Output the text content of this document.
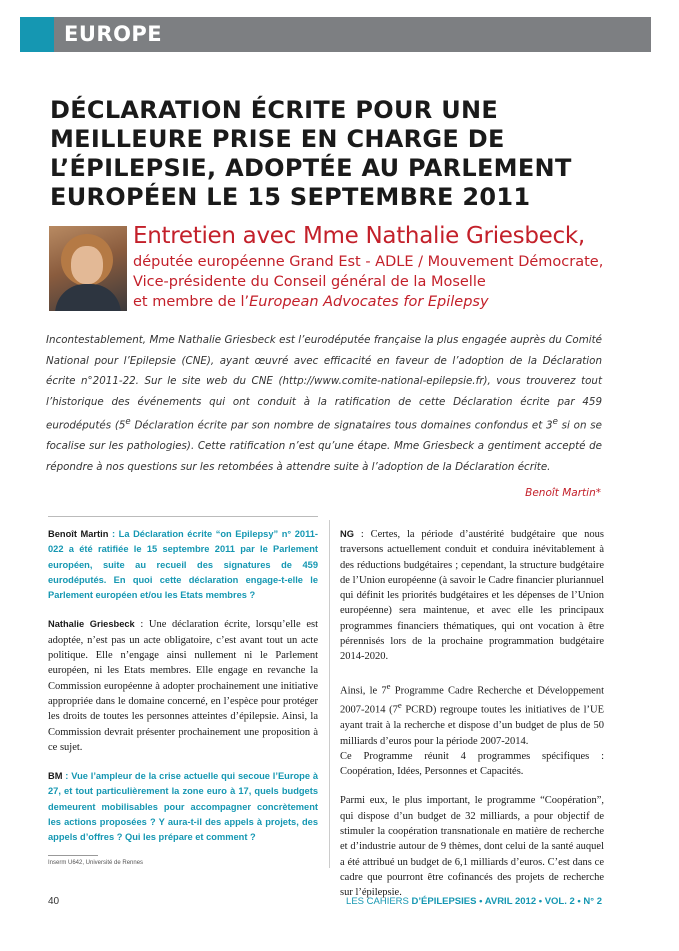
EUROPE
DÉCLARATION ÉCRITE POUR UNE
MEILLEURE PRISE EN CHARGE DE
L’ÉPILEPSIE, ADOPTÉE AU PARLEMENT
EUROPÉEN LE 15 SEPTEMBRE 2011
Entretien avec Mme Nathalie Griesbeck,
députée européenne Grand Est - ADLE / Mouvement Démocrate,
Vice-présidente du Conseil général de la Moselle
et membre de l’European Advocates for Epilepsy

Incontestablement, Mme Nathalie Griesbeck est l’eurodéputée française la plus engagée auprès du Comité National pour l’Epilepsie (CNE), ayant œuvré avec efficacité en faveur de l’adoption de la Déclaration écrite n°2011-22. Sur le site web du CNE (http://www.comite-national-epilepsie.fr), vous trouverez tout l’historique des événements qui ont conduit à la ratification de cette Déclaration écrite par 459 eurodéputés (5e Déclaration écrite par son nombre de signataires tous domaines confondus et 3e si on se focalise sur les pathologies). Cette ratification n’est qu’une étape. Mme Griesbeck a gentiment accepté de répondre à nos questions sur les retombées à attendre suite à l’adoption de la Déclaration écrite.

Benoît Martin*

Benoît Martin : La Déclaration écrite “on Epilepsy” n° 2011-022 a été ratifiée le 15 septembre 2011 par le Parlement européen, suite au recueil des signatures de 459 eurodéputés. En quoi cette déclaration engage-t-elle le Parlement européen et/ou les Etats membres ?

Nathalie Griesbeck : Une déclaration écrite, lorsqu’elle est adoptée, n’est pas un acte obligatoire, c’est avant tout un acte politique. Elle n’engage ainsi nullement ni le Parlement européen, ni les Etats membres. Elle engage en revanche la Commission européenne à adopter prochainement une initiative appropriée dans le domaine concerné, en l’espèce pour protéger les droits de toutes les personnes atteintes d’épilepsie. Ainsi, la Commission devrait présenter prochainement une proposition à ce sujet.

BM : Vue l’ampleur de la crise actuelle qui secoue l’Europe à 27, et tout particulièrement la zone euro à 17, quels budgets demeurent mobilisables pour accompagner concrètement les actions proposées ? Y aura-t-il des appels à projets, des appels d’offres ? Qui les prépare et comment ?

NG : Certes, la période d’austérité budgétaire que nous traversons actuellement conduit et conduira inévitablement à des réductions budgétaires ; cependant, la structure budgétaire de l’Union européenne (à savoir le Cadre financier pluriannuel qui définit les priorités budgétaires et les dépenses de l’Union européenne) sera maintenue, et avec elle les principaux programmes financiers thématiques, qui ont vocation à être pérennisés lors de la prochaine programmation budgétaire 2014-2020.

Ainsi, le 7e Programme Cadre Recherche et Développement 2007-2014 (7e PCRD) regroupe toutes les initiatives de l’UE ayant trait à la recherche et dispose d’un budget de plus de 50 milliards d’euros pour la période 2007-2014.

Ce Programme réunit 4 programmes spécifiques : Coopération, Idées, Personnes et Capacités.

Parmi eux, le plus important, le programme “Coopération”, qui dispose d’un budget de 32 milliards, a pour objectif de stimuler la coopération transnationale en matière de recherche et d’industrie autour de 9 thèmes, dont celui de la santé auquel a été attribué un budget de 6,1 milliards d’euros. C’est dans ce cadre que pourront être cofinancés des projets de recherche sur l’épilepsie.

Inserm U642, Université de Rennes
40	LES CAHIERS D’ÉPILEPSIES • AVRIL 2012 • VOL. 2 • N° 2
